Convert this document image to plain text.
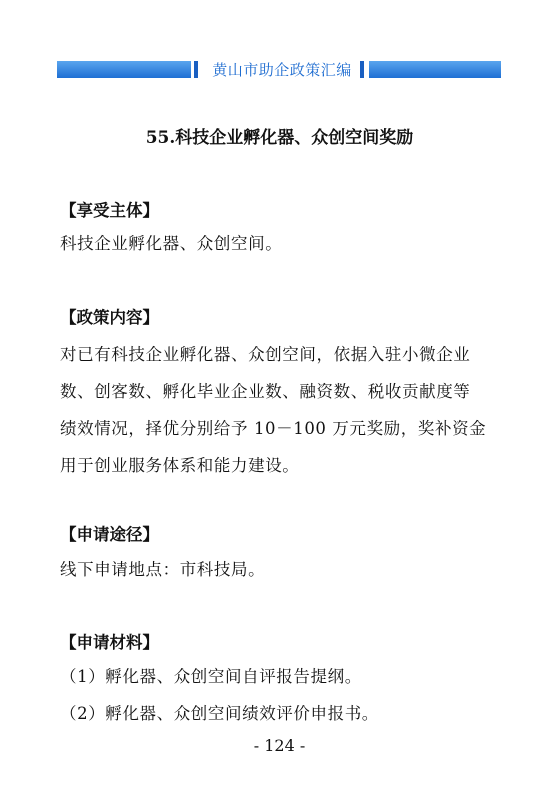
黄山市助企政策汇编
55.科技企业孵化器、众创空间奖励
【享受主体】
科技企业孵化器、众创空间。
【政策内容】
对已有科技企业孵化器、众创空间，依据入驻小微企业
数、创客数、孵化毕业企业数、融资数、税收贡献度等
绩效情况，择优分别给予 10－100 万元奖励，奖补资金
用于创业服务体系和能力建设。
【申请途径】
线下申请地点：市科技局。
【申请材料】
（1）孵化器、众创空间自评报告提纲。
（2）孵化器、众创空间绩效评价申报书。
- 124 -
